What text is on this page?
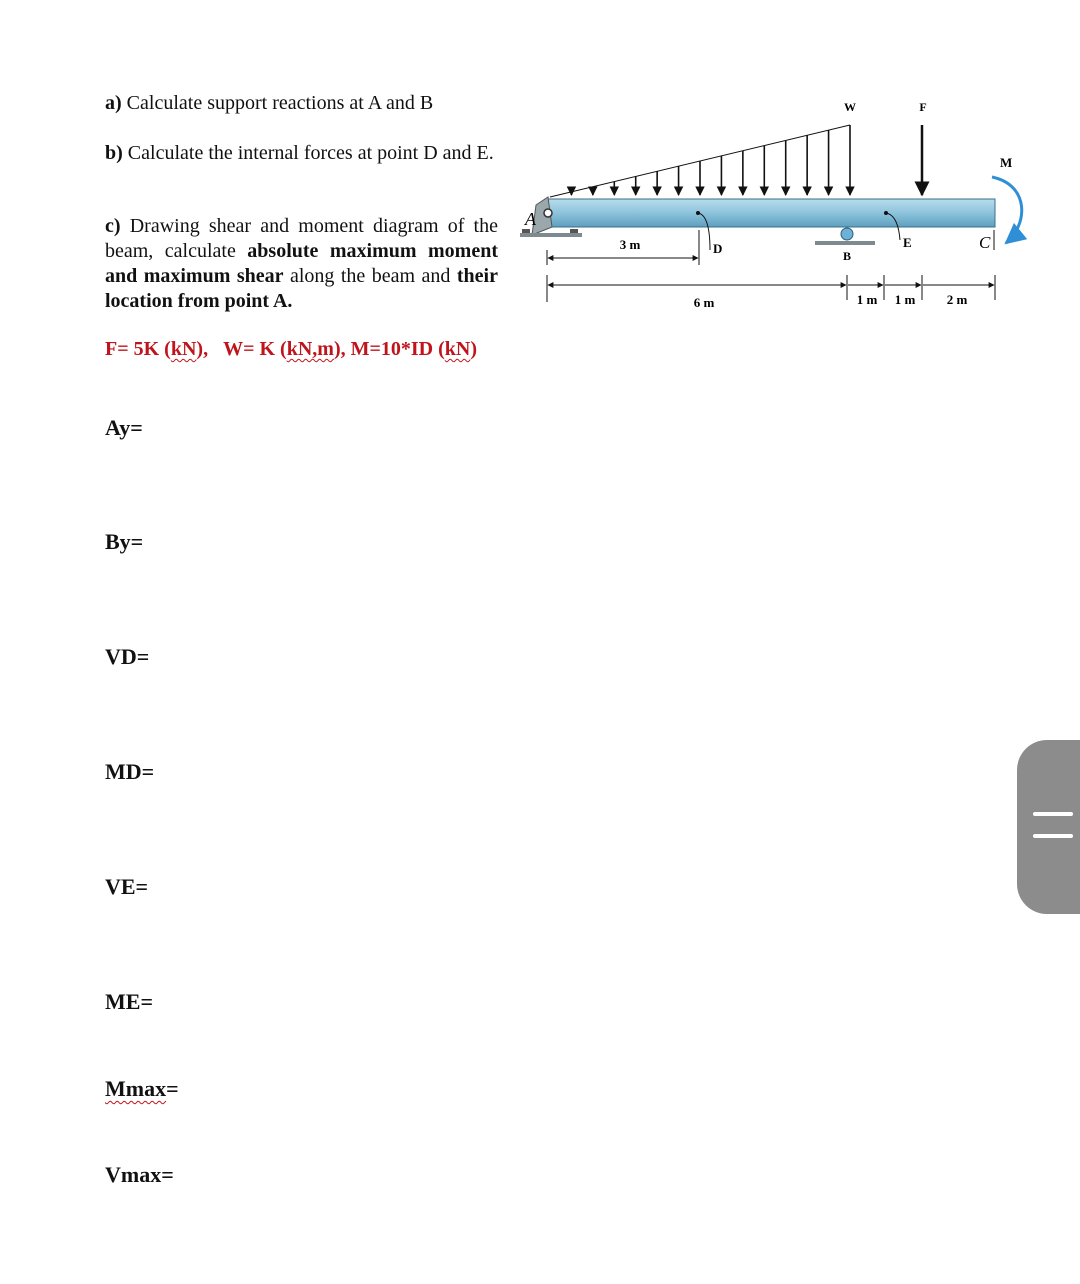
a) Calculate support reactions at A and B
b) Calculate the internal forces at point D and E.
c) Drawing shear and moment diagram of the beam, calculate absolute maximum moment and maximum shear along the beam and their location from point A.
F= 5K (kN), W= K (kN,m), M=10*ID (kN)
Ay=
By=
VD=
MD=
VE=
ME=
Mmax=
Vmax=
W	F
A
B
D	E	C
M
3 m
6 m	1 m 1 m 2 m
